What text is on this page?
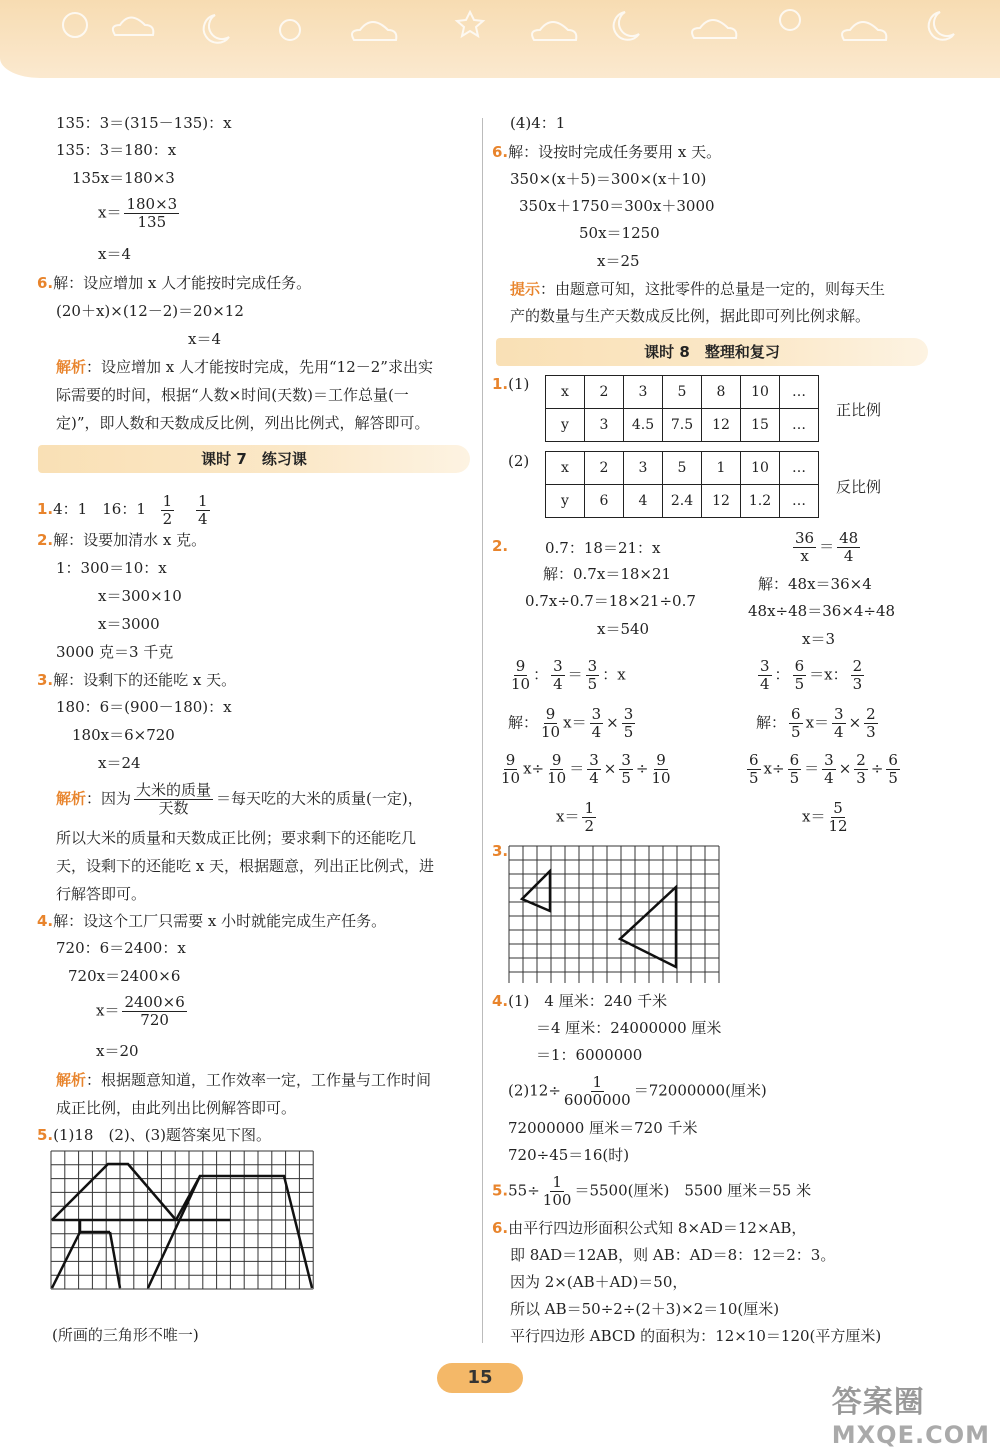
135：3＝(315－135)：x
135：3＝180：x
135x＝180×3
$x= \frac{180\times 3}{135}$
x＝4
6.解：设应增加 x 人才能按时完成任务。
(20＋x)×(12－2)＝20×12
x＝4
解析：设应增加 x 人才能按时完成，先用“12－2”求出实
际需要的时间，根据“人数×时间(天数)＝工作总量(一
定)”，即人数和天数成反比例，列出比例式，解答即可。
课时 7　练习课
1.4：1　16：$1 \frac{1}{2}$
$\frac{1}{4}$
2.解：设要加清水 x 克。
1：300＝10：x
x＝300×10
x＝3000
3000 克＝3 千克
3.解：设剩下的还能吃 x 天。
180：6＝(900－180)：x
180x＝6×720
x＝24
解析：因为 $\frac{\text{大米的质量}}{\text{天数}}$ ＝每天吃的大米的质量(一定)，
所以大米的质量和天数成正比例；要求剩下的还能吃几
天，设剩下的还能吃 x 天，根据题意，列出正比例式，进
行解答即可。
4.解：设这个工厂只需要 x 小时就能完成生产任务。
720：6＝2400：x
720x＝2400×6
$x= \frac{2400\times 6}{720}$
x＝20
解析：根据题意知道，工作效率一定，工作量与工作时间
成正比例，由此列出比例解答即可。
5.(1)18　(2)、(3)题答案见下图。
(所画的三角形不唯一)
(4)4：1
6.解：设按时完成任务要用 x 天。
350×(x＋5)＝300×(x＋10)
350x＋1750＝300x＋3000
50x＝1250
x＝25
提示：由题意可知，这批零件的总量是一定的，则每天生
产的数量与生产天数成反比例，据此即可列比例求解。
课时 8　整理和复习
1.(1) x	2	3	5	8	10	…
y	3	4.5	7.5	12	15	…
正比例
(2) x	2	3	5	1	10	…
y	6	4	2.4	12	1.2	…
反比例
2. 0.7：18＝21：x
解：0.7x＝18×21
0.7x÷0.7＝18×21÷0.7
x＝540
$\frac{36}{x} = \frac{48}{4}$
解：48x＝36×4
48x÷48＝36×4÷48
x＝3
$\frac{9}{10}$ ： $\frac{3}{4} = \frac{3}{5}$ ：x
解： $\frac{9}{10} x= \frac{3}{4} \times \frac{3}{5}$
$\frac{9}{10} x\div \frac{9}{10} = \frac{3}{4} \times \frac{3}{5} \div \frac{9}{10}$
$x= \frac{1}{2}$
$\frac{3}{4}$ ： $\frac{6}{5} =x$： $\frac{2}{3}$
解： $\frac{6}{5} x= \frac{3}{4} \times \frac{2}{3}$
$\frac{6}{5} x\div \frac{6}{5} = \frac{3}{4} \times \frac{2}{3} \div \frac{6}{5}$
$x= \frac{5}{12}$
3.
4.(1)　4 厘米：240 千米
＝4 厘米：24000000 厘米
＝1：6000000
$(2)12\div \frac{1}{6000000} =72000000$(厘米)
72000000 厘米＝720 千米
720÷45＝16(时)
$5.55\div \frac{1}{100} =5500$(厘米)　5500 厘米＝55 米
6.由平行四边形面积公式知 8×AD＝12×AB，
即 8AD＝12AB，则 AB：AD＝8：12＝2：3。
因为 2×(AB＋AD)＝50，
所以 AB＝50÷2÷(2＋3)×2＝10(厘米)
平行四边形 ABCD 的面积为：12×10＝120(平方厘米)
15
答案圈
MXQE.COM
